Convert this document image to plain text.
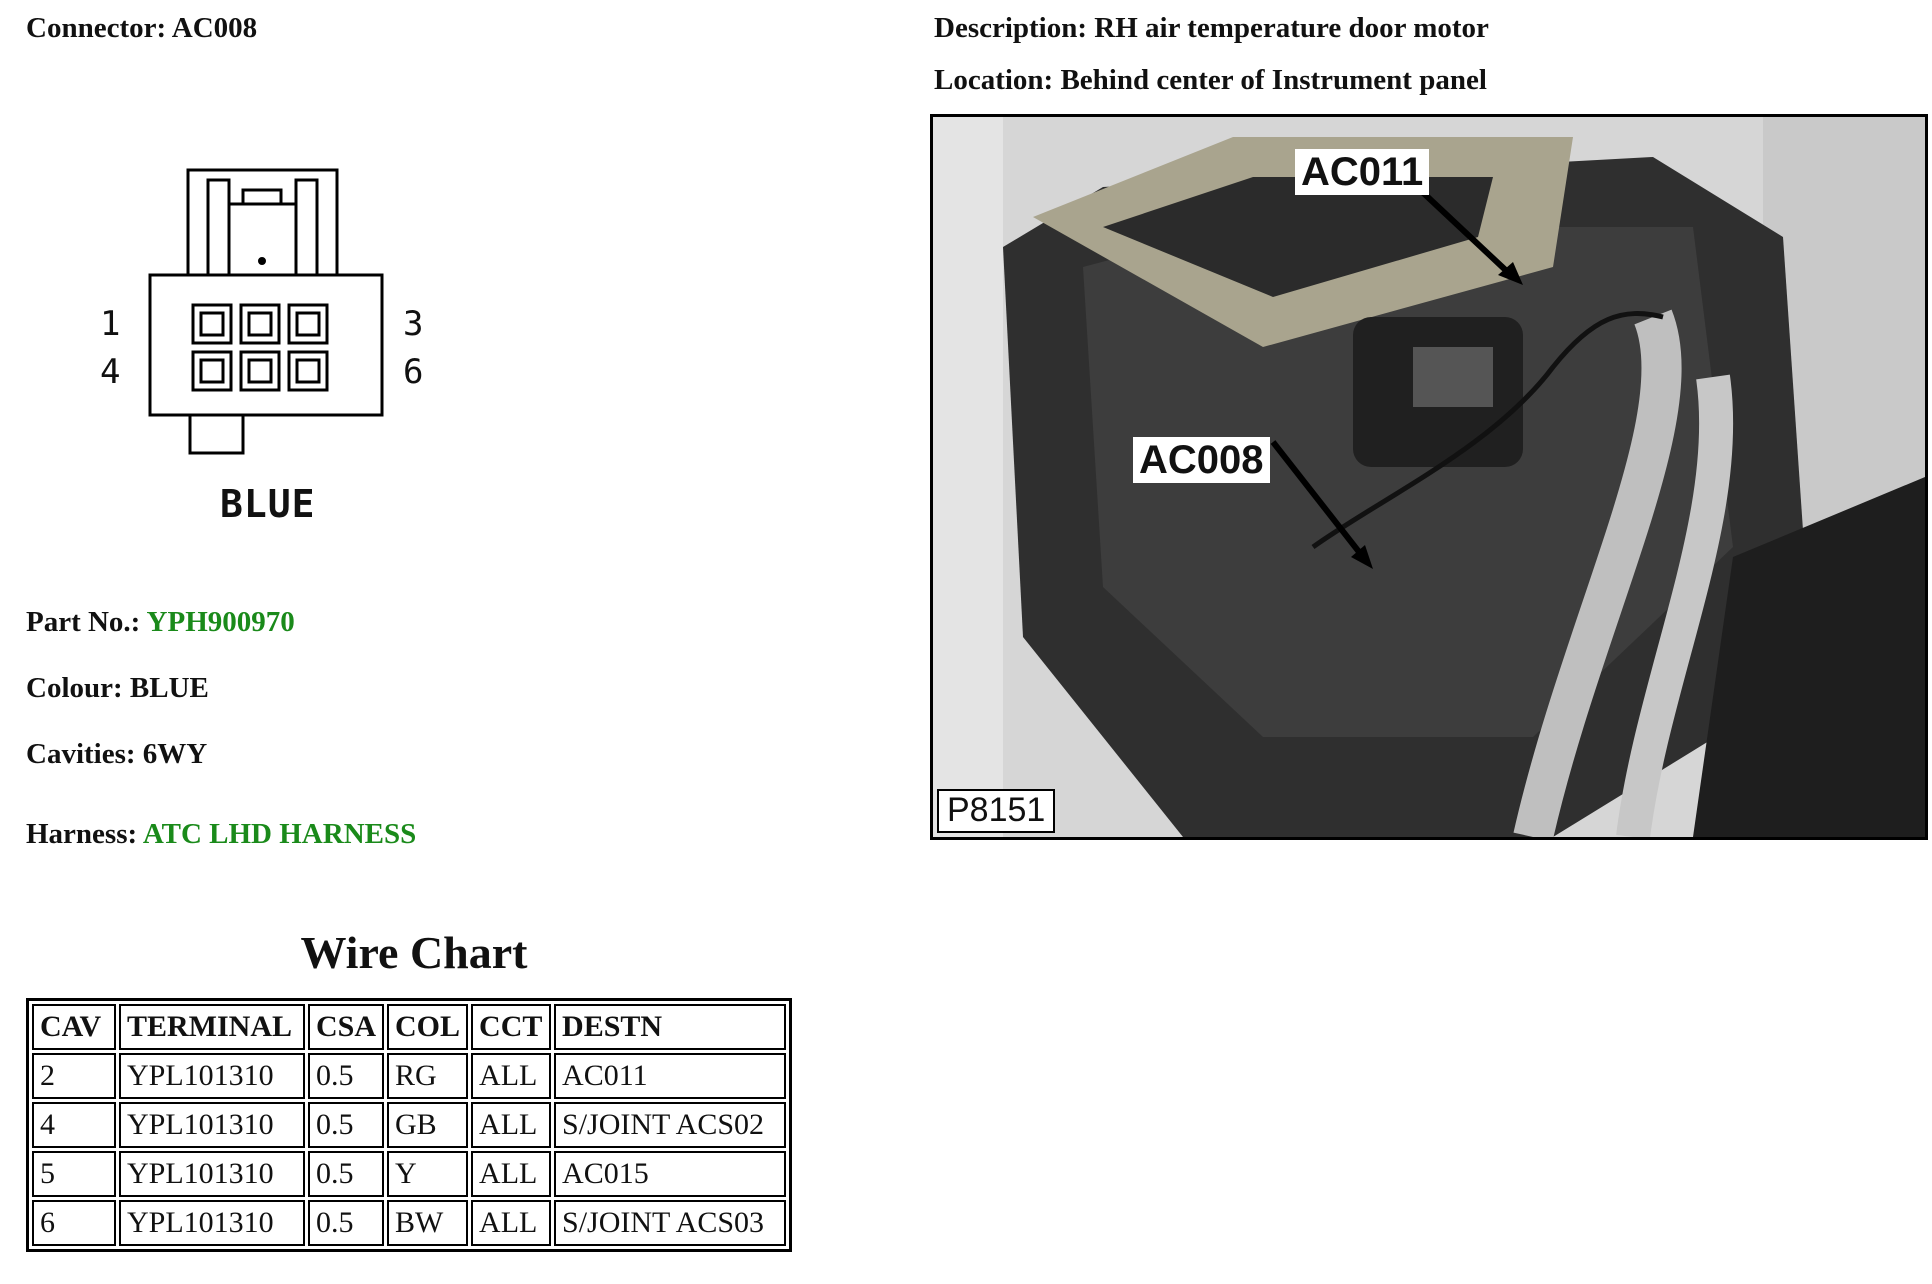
Connector: AC008	Description: RH air temperature door motor
Location: Behind center of Instrument panel
1	3
4	6
BLUE
Part No.: YPH900970
Colour: BLUE
Cavities: 6WY
Harness: ATC LHD HARNESS
AC011
AC008
P8151
Wire Chart
CAV	TERMINAL	CSA	COL	CCT	DESTN
2	YPL101310	0.5	RG	ALL	AC011
4	YPL101310	0.5	GB	ALL	S/JOINT ACS02
5	YPL101310	0.5	Y	ALL	AC015
6	YPL101310	0.5	BW	ALL	S/JOINT ACS03
